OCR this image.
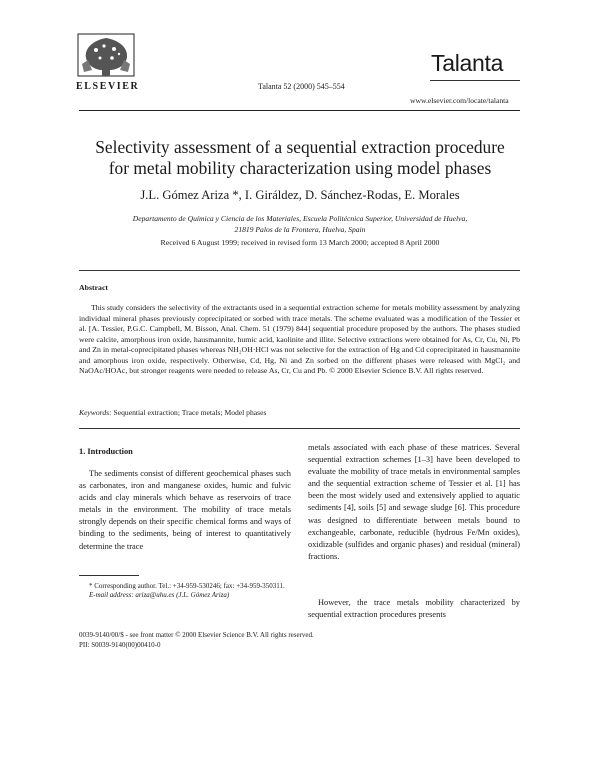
ELSEVIER	Talanta 52 (2000) 545–554
Talanta
www.elsevier.com/locate/talanta
Selectivity assessment of a sequential extraction procedure
for metal mobility characterization using model phases
J.L. Gómez Ariza *, I. Giráldez, D. Sánchez-Rodas, E. Morales
Departamento de Química y Ciencia de los Materiales, Escuela Politécnica Superior, Universidad de Huelva,
21819 Palos de la Frontera, Huelva, Spain
Received 6 August 1999; received in revised form 13 March 2000; accepted 8 April 2000
Abstract
This study considers the selectivity of the extractants used in a sequential extraction scheme for metals mobility assessment by analyzing individual mineral phases previously coprecipitated or sorbed with trace metals. The scheme evaluated was a modification of the Tessier et al. [A. Tessier, P.G.C. Campbell, M. Bisson, Anal. Chem. 51 (1979) 844] sequential procedure proposed by the authors. The phases studied were calcite, amorphous iron oxide, hausmannite, humic acid, kaolinite and illite. Selective extractions were obtained for As, Cr, Cu, Ni, Pb and Zn in metal-coprecipitated phases whereas NH₂OH·HCl was not selective for the extraction of Hg and Cd coprecipitated in hausmannite and amorphous iron oxide, respectively. Otherwise, Cd, Hg, Ni and Zn sorbed on the different phases were released with MgCl₂ and NaOAc/HOAc, but stronger reagents were needed to release As, Cr, Cu and Pb. © 2000 Elsevier Science B.V. All rights reserved.
Keywords: Sequential extraction; Trace metals; Model phases
1. Introduction
The sediments consist of different geochemical phases such as carbonates, iron and manganese oxides, humic and fulvic acids and clay minerals which behave as reservoirs of trace metals in the environment. The mobility of trace metals strongly depends on their specific chemical forms and ways of binding to the sediments, being of interest to quantitatively determine the trace
metals associated with each phase of these matrices. Several sequential extraction schemes [1–3] have been developed to evaluate the mobility of trace metals in environmental samples and the sequential extraction scheme of Tessier et al. [1] has been the most widely used and extensively applied to aquatic sediments [4], soils [5] and sewage sludge [6]. This procedure was designed to differentiate between metals bound to exchangeable, carbonate, reducible (hydrous Fe/Mn oxides), oxidizable (sulfides and organic phases) and residual (mineral) fractions.
However, the trace metals mobility characterized by sequential extraction procedures presents
* Corresponding author. Tel.: +34-959-530246; fax: +34-959-350311.
E-mail address: ariza@uhu.es (J.L. Gómez Ariza)
0039-9140/00/$ - see front matter © 2000 Elsevier Science B.V. All rights reserved.
PII: S0039-9140(00)00410-0
